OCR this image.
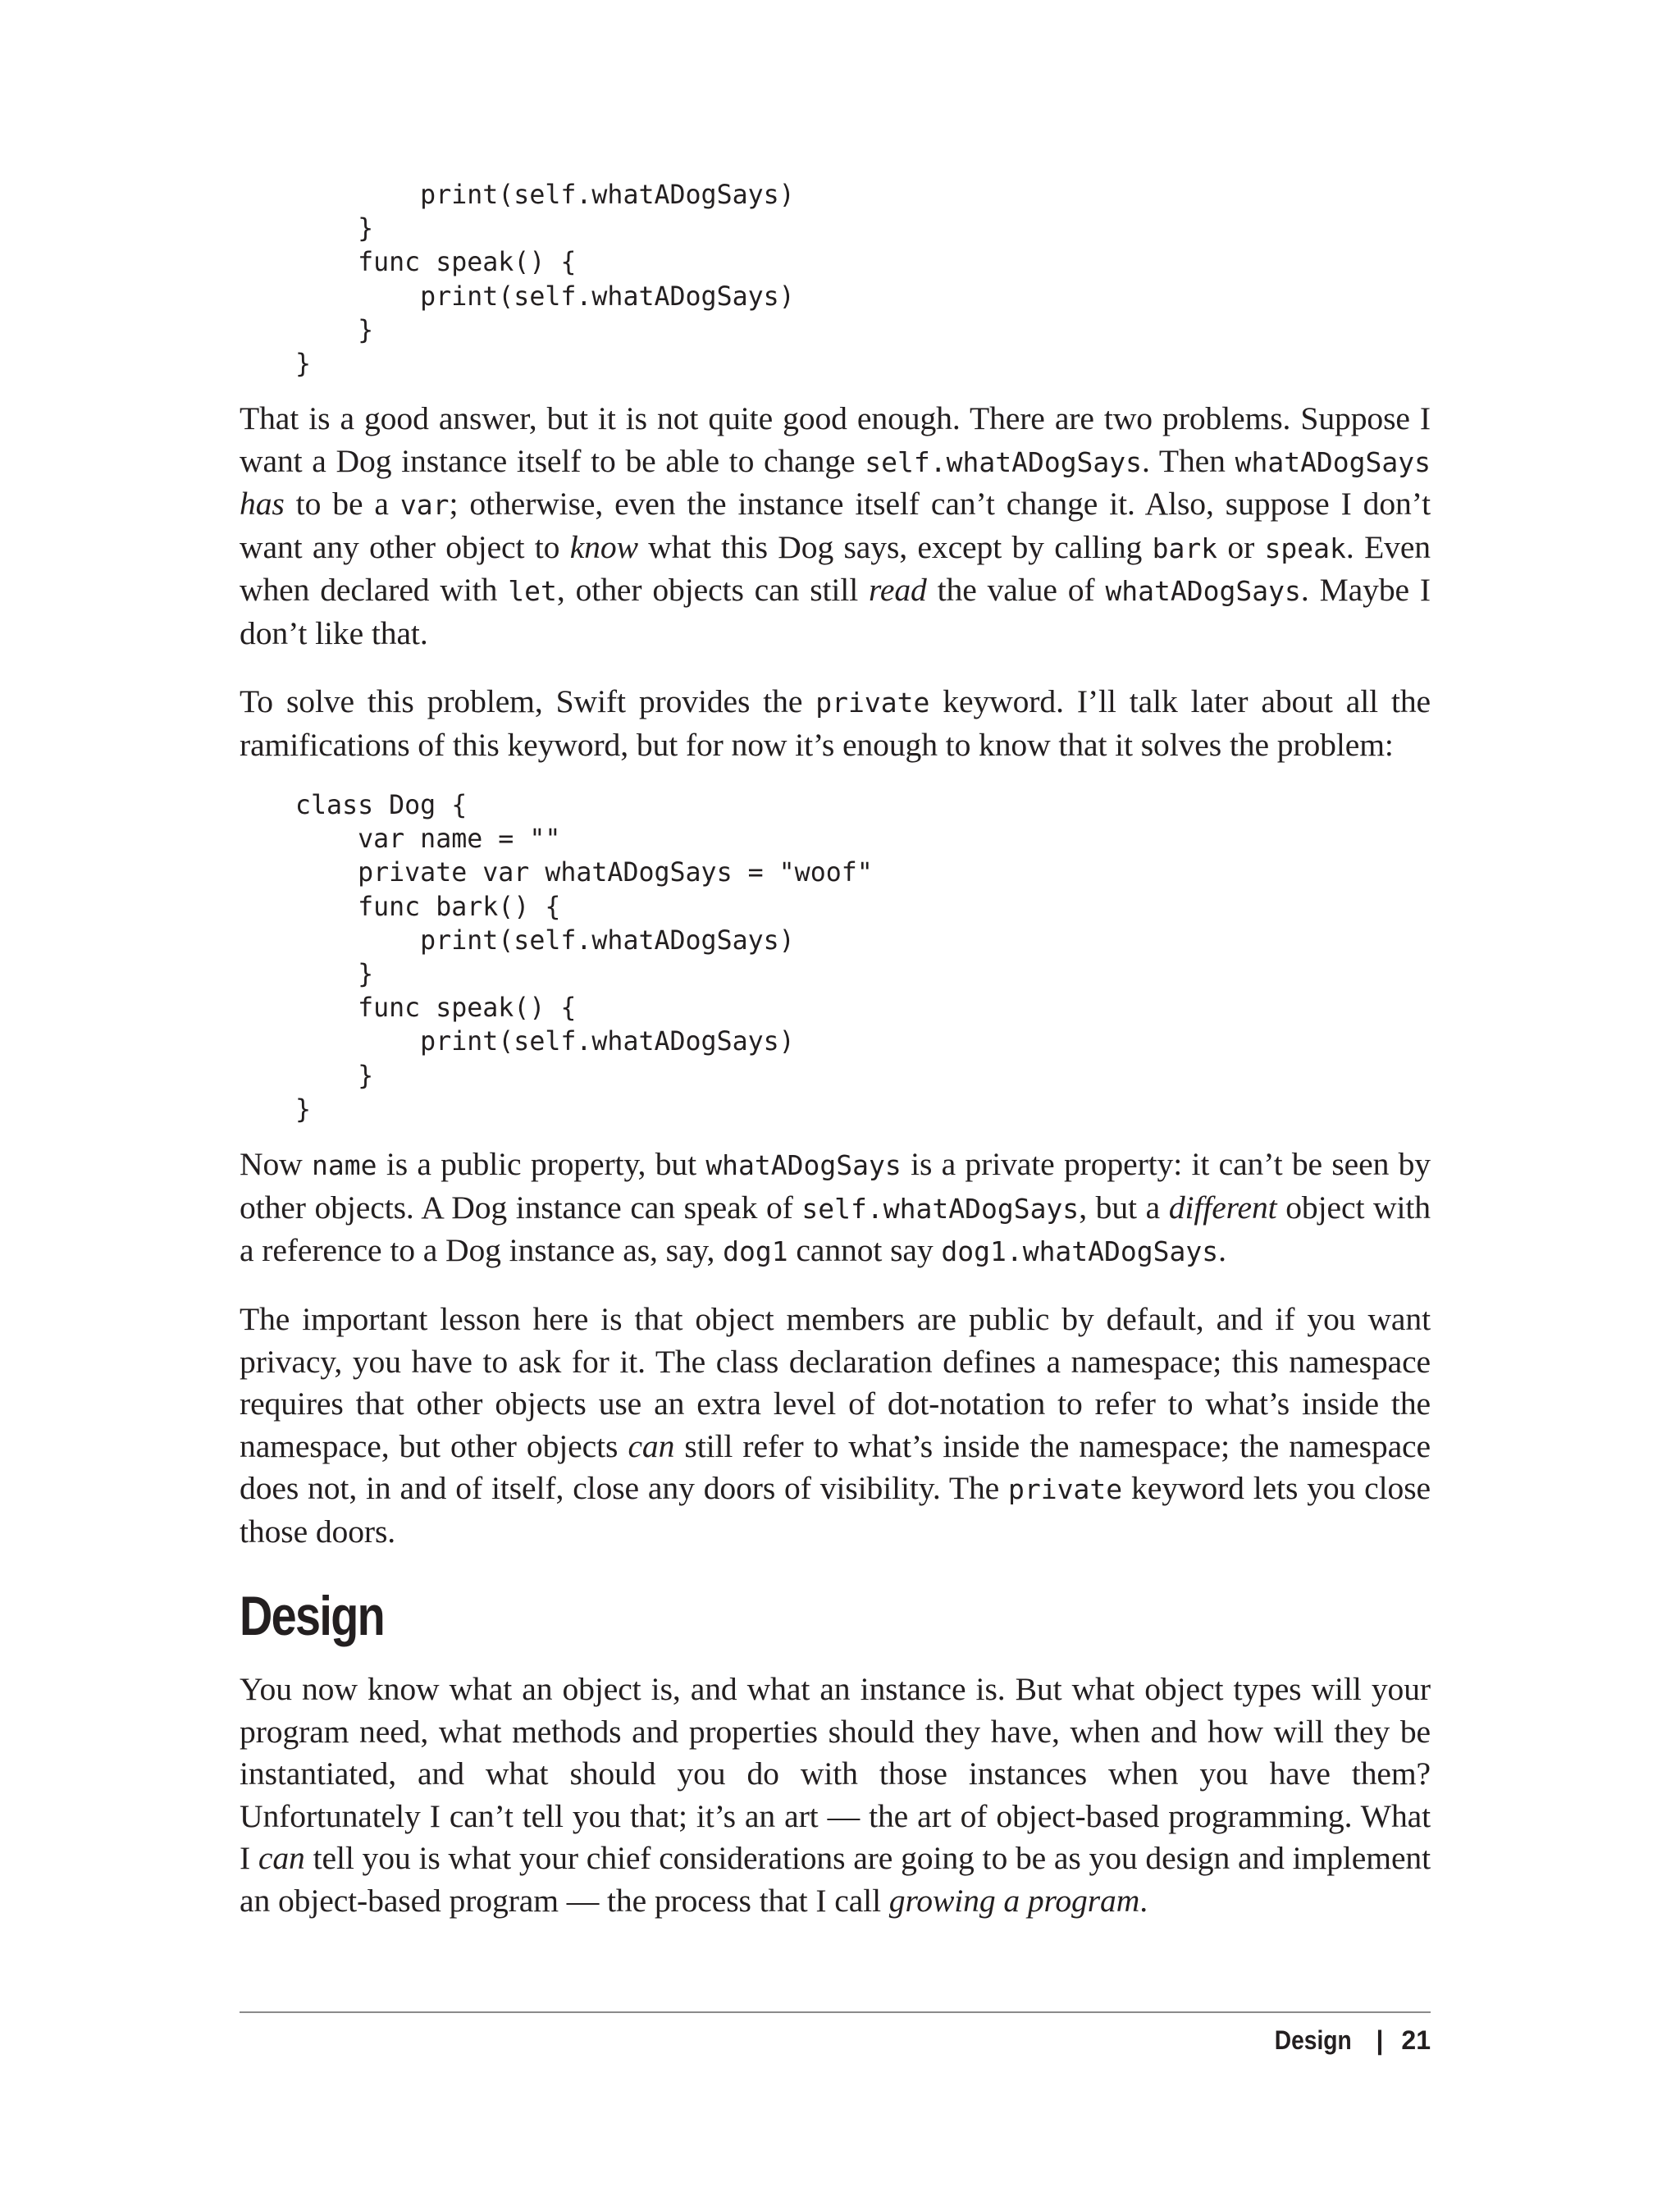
print(self.whatADogSays)
}
func speak() {
print(self.whatADogSays)
}
}

That is a good answer, but it is not quite good enough. There are two problems. Suppose I want a Dog instance itself to be able to change self.whatADogSays. Then whatADogSays has to be a var; otherwise, even the instance itself can’t change it. Also, suppose I don’t want any other object to know what this Dog says, except by calling bark or speak. Even when declared with let, other objects can still read the value of whatADogSays. Maybe I don’t like that.

To solve this problem, Swift provides the private keyword. I’ll talk later about all the ramifications of this keyword, but for now it’s enough to know that it solves the problem:

class Dog {
var name = ""
private var whatADogSays = "woof"
func bark() {
print(self.whatADogSays)
}
func speak() {
print(self.whatADogSays)
}
}

Now name is a public property, but whatADogSays is a private property: it can’t be seen by other objects. A Dog instance can speak of self.whatADogSays, but a different object with a reference to a Dog instance as, say, dog1 cannot say dog1.whatADogSays.

The important lesson here is that object members are public by default, and if you want privacy, you have to ask for it. The class declaration defines a namespace; this namespace requires that other objects use an extra level of dot-notation to refer to what’s inside the namespace, but other objects can still refer to what’s inside the namespace; the namespace does not, in and of itself, close any doors of visibility. The private keyword lets you close those doors.

Design

You now know what an object is, and what an instance is. But what object types will your program need, what methods and properties should they have, when and how will they be instantiated, and what should you do with those instances when you have them? Unfortunately I can’t tell you that; it’s an art — the art of object-based programming. What I can tell you is what your chief considerations are going to be as you design and implement an object-based program — the process that I call growing a program.

Design | 21
